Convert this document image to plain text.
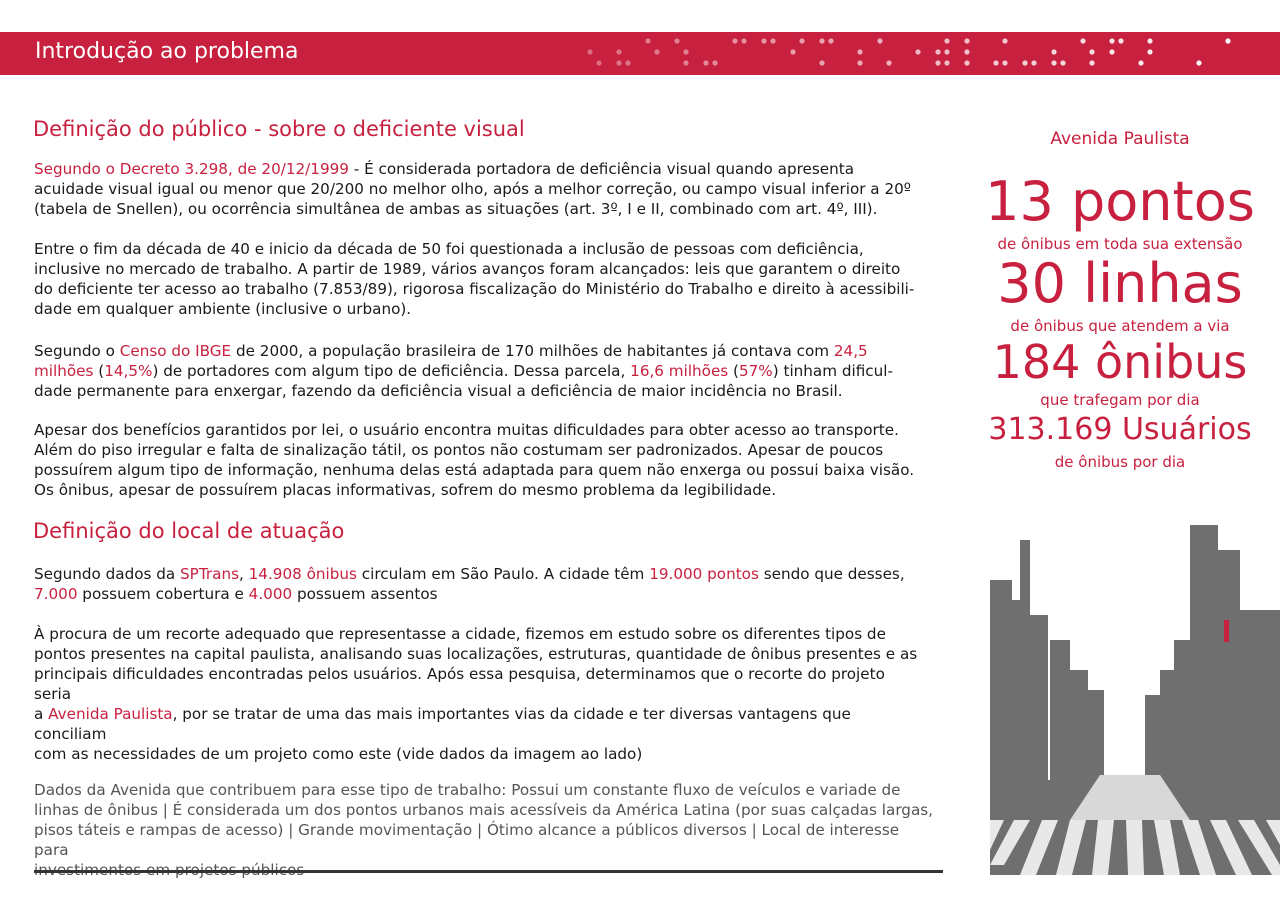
Introdução ao problema
Definição do público - sobre o deficiente visual

Segundo o Decreto 3.298, de 20/12/1999 - É considerada portadora de deficiência visual quando apresenta
acuidade visual igual ou menor que 20/200 no melhor olho, após a melhor correção, ou campo visual inferior a 20º
(tabela de Snellen), ou ocorrência simultânea de ambas as situações (art. 3º, I e II, combinado com art. 4º, III).

Entre o fim da década de 40 e inicio da década de 50 foi questionada a inclusão de pessoas com deficiência,
inclusive no mercado de trabalho. A partir de 1989, vários avanços foram alcançados: leis que garantem o direito
do deficiente ter acesso ao trabalho (7.853/89), rigorosa fiscalização do Ministério do Trabalho e direito à acessibili-
dade em qualquer ambiente (inclusive o urbano).

Segundo o Censo do IBGE de 2000, a população brasileira de 170 milhões de habitantes já contava com 24,5
milhões (14,5%) de portadores com algum tipo de deficiência. Dessa parcela, 16,6 milhões (57%) tinham dificul-
dade permanente para enxergar, fazendo da deficiência visual a deficiência de maior incidência no Brasil.

Apesar dos benefícios garantidos por lei, o usuário encontra muitas dificuldades para obter acesso ao transporte.
Além do piso irregular e falta de sinalização tátil, os pontos não costumam ser padronizados. Apesar de poucos
possuírem algum tipo de informação, nenhuma delas está adaptada para quem não enxerga ou possui baixa visão.
Os ônibus, apesar de possuírem placas informativas, sofrem do mesmo problema da legibilidade.

Definição do local de atuação

Segundo dados da SPTrans, 14.908 ônibus circulam em São Paulo. A cidade têm 19.000 pontos sendo que desses,
7.000 possuem cobertura e 4.000 possuem assentos

À procura de um recorte adequado que representasse a cidade, fizemos em estudo sobre os diferentes tipos de
pontos presentes na capital paulista, analisando suas localizações, estruturas, quantidade de ônibus presentes e as
principais dificuldades encontradas pelos usuários. Após essa pesquisa, determinamos que o recorte do projeto seria
a Avenida Paulista, por se tratar de uma das mais importantes vias da cidade e ter diversas vantagens que conciliam
com as necessidades de um projeto como este (vide dados da imagem ao lado)

Dados da Avenida que contribuem para esse tipo de trabalho: Possui um constante fluxo de veículos e variade de
linhas de ônibus | É considerada um dos pontos urbanos mais acessíveis da América Latina (por suas calçadas largas,
pisos táteis e rampas de acesso) | Grande movimentação | Ótimo alcance a públicos diversos | Local de interesse para

Avenida Paulista
13 pontos
de ônibus em toda sua extensão
30 linhas
de ônibus que atendem a via
184 ônibus
que trafegam por dia
313.169 Usuários
de ônibus por dia
